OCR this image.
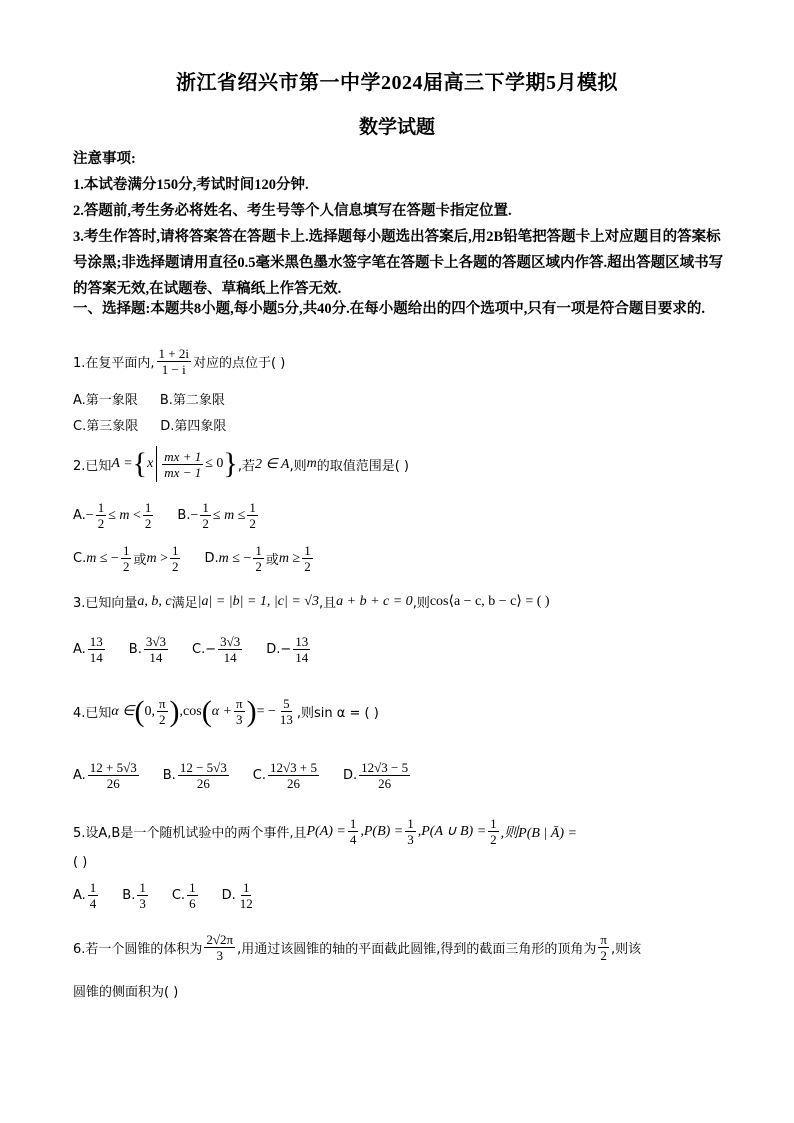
浙江省绍兴市第一中学2024届高三下学期5月模拟
数学试题
注意事项:
1.本试卷满分150分,考试时间120分钟.
2.答题前,考生务必将姓名、考生号等个人信息填写在答题卡指定位置.
3.考生作答时,请将答案答在答题卡上.选择题每小题选出答案后,用2B铅笔把答题卡上对应题目的答案标号涂黑;非选择题请用直径0.5毫米黑色墨水签字笔在答题卡上各题的答题区域内作答.超出答题区域书写的答案无效,在试题卷、草稿纸上作答无效.
一、选择题:本题共8小题,每小题5分,共40分.在每小题给出的四个选项中,只有一项是符合题目要求的.
1.在复平面内, $\frac{1 + 2i}{1 - i}$ 对应的点位于( )
A.第一象限 B.第二象限
C.第三象限 D.第四象限
2.已知 A = { x $\frac{mx + 1}{mx - 1} \le 0$ } ,若 2 ∈ A ,则 m 的取值范围是( )
A. − $\frac{1}{2} \le m < \frac{1}{2} B$. − $\frac{1}{2} \le m \le \frac{1}{2}$
C. m ≤ − $\frac{1}{2}$ 或 $m > \frac{1}{2} D$. m ≤ − $\frac{1}{2}$ 或 $m \ge \frac{1}{2}$
3.已知向量 a, b, c 满足 |a| = |b| = 1, |c| = √3 ,且 a + b + c = 0 ,则 cos⟨a − c, b − c⟩ = ( )
A. $\frac{13}{14} B$. $\frac{3√3}{14} C.- \frac{3√3}{14} D.- \frac{13}{14}$
4.已知 α ∈ ( 0, $\frac{\pi}{2}$ ) ,cos ( $\alpha + \frac{\pi}{3}$ ) = − $\frac{5}{13}$ ,则sin α = ( )
A. $\frac{12 + 5√3}{26} B$. $\frac{12 - 5√3}{26} C$. $\frac{12√3 + 5}{26} D$. $\frac{12√3 - 5}{26}$
5.设A,B是一个随机试验中的两个事件,且 $P(A) = \frac{1}{4} ,P(B) = \frac{1}{3} ,P(A$ ∪ $B) = \frac{1}{2}$ ,则P(B | Ā) =
( )
A. $\frac{1}{4} B$. $\frac{1}{3} C$. $\frac{1}{6} D$. $\frac{1}{12}$
6.若一个圆锥的体积为 $\frac{2√2\pi}{3}$ ,用通过该圆锥的轴的平面截此圆锥,得到的截面三角形的顶角为 $\frac{\pi}{2}$ ,则该
圆锥的侧面积为( )
